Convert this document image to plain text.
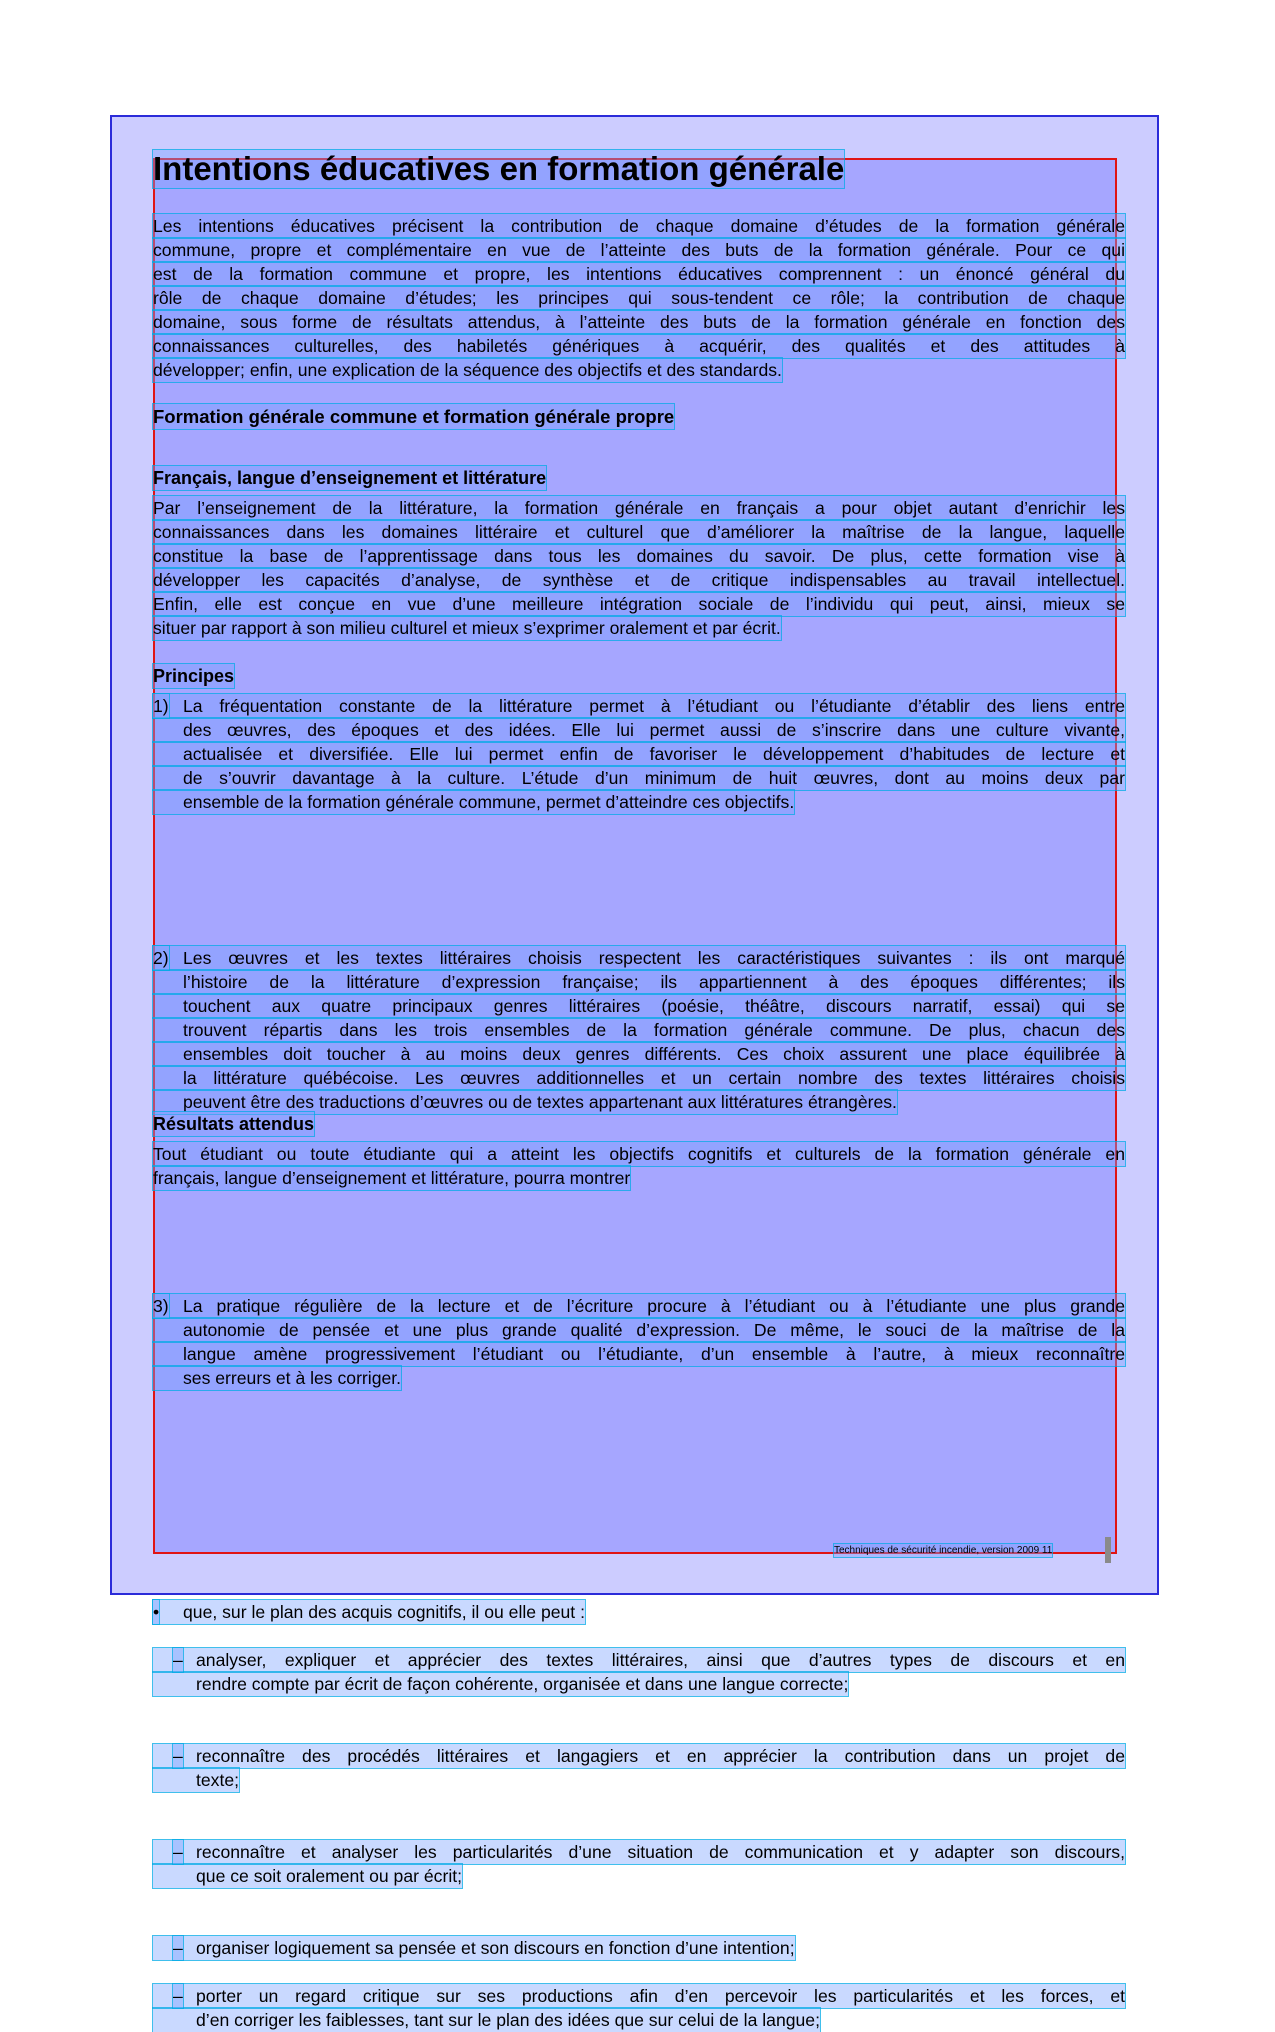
Intentions éducatives en formation générale
Les intentions éducatives précisent la contribution de chaque domaine d’études de la formation générale
commune, propre et complémentaire en vue de l’atteinte des buts de la formation générale. Pour ce qui
est de la formation commune et propre, les intentions éducatives comprennent : un énoncé général du
rôle de chaque domaine d’études; les principes qui sous-tendent ce rôle; la contribution de chaque
domaine, sous forme de résultats attendus, à l’atteinte des buts de la formation générale en fonction des
connaissances culturelles, des habiletés génériques à acquérir, des qualités et des attitudes à
développer; enfin, une explication de la séquence des objectifs et des standards.
Formation générale commune et formation générale propre
Français, langue d’enseignement et littérature
Par l’enseignement de la littérature, la formation générale en français a pour objet autant d’enrichir les
connaissances dans les domaines littéraire et culturel que d’améliorer la maîtrise de la langue, laquelle
constitue la base de l’apprentissage dans tous les domaines du savoir. De plus, cette formation vise à
développer les capacités d’analyse, de synthèse et de critique indispensables au travail intellectuel.
Enfin, elle est conçue en vue d’une meilleure intégration sociale de l’individu qui peut, ainsi, mieux se
situer par rapport à son milieu culturel et mieux s’exprimer oralement et par écrit.
Principes
1) La fréquentation constante de la littérature permet à l’étudiant ou l’étudiante d’établir des liens entre
des œuvres, des époques et des idées. Elle lui permet aussi de s’inscrire dans une culture vivante,
actualisée et diversifiée. Elle lui permet enfin de favoriser le développement d’habitudes de lecture et
de s’ouvrir davantage à la culture. L’étude d’un minimum de huit œuvres, dont au moins deux par
ensemble de la formation générale commune, permet d’atteindre ces objectifs.
2) Les œuvres et les textes littéraires choisis respectent les caractéristiques suivantes : ils ont marqué
l’histoire de la littérature d’expression française; ils appartiennent à des époques différentes; ils
touchent aux quatre principaux genres littéraires (poésie, théâtre, discours narratif, essai) qui se
trouvent répartis dans les trois ensembles de la formation générale commune. De plus, chacun des
ensembles doit toucher à au moins deux genres différents. Ces choix assurent une place équilibrée à
la littérature québécoise. Les œuvres additionnelles et un certain nombre des textes littéraires choisis
peuvent être des traductions d’œuvres ou de textes appartenant aux littératures étrangères.
3) La pratique régulière de la lecture et de l’écriture procure à l’étudiant ou à l’étudiante une plus grande
autonomie de pensée et une plus grande qualité d’expression. De même, le souci de la maîtrise de la
langue amène progressivement l’étudiant ou l’étudiante, d’un ensemble à l’autre, à mieux reconnaître
ses erreurs et à les corriger.
Résultats attendus
Tout étudiant ou toute étudiante qui a atteint les objectifs cognitifs et culturels de la formation générale en
français, langue d’enseignement et littérature, pourra montrer
• que, sur le plan des acquis cognitifs, il ou elle peut :
– analyser, expliquer et apprécier des textes littéraires, ainsi que d’autres types de discours et en
rendre compte par écrit de façon cohérente, organisée et dans une langue correcte;
– reconnaître des procédés littéraires et langagiers et en apprécier la contribution dans un projet de
texte;
– reconnaître et analyser les particularités d’une situation de communication et y adapter son discours,
que ce soit oralement ou par écrit;
– organiser logiquement sa pensée et son discours en fonction d’une intention;
– porter un regard critique sur ses productions afin d’en percevoir les particularités et les forces, et
d’en corriger les faiblesses, tant sur le plan des idées que sur celui de la langue;
Techniques de sécurité incendie, version 2009 11
